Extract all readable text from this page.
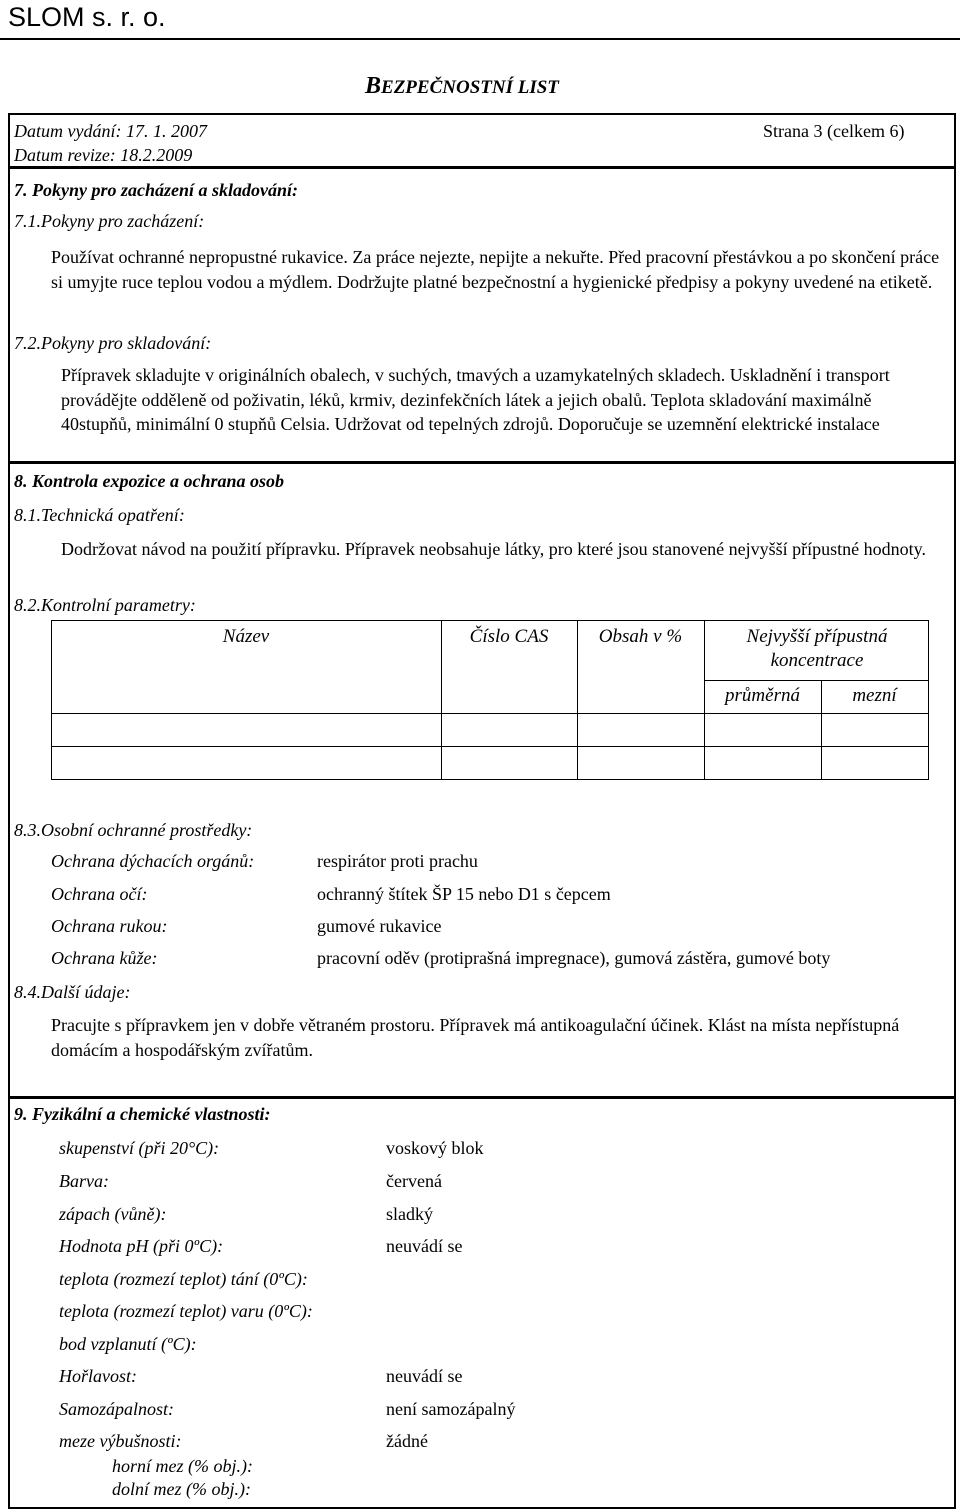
SLOM s. r. o.
BEZPEČNOSTNÍ LIST
Datum vydání: 17. 1. 2007
Datum revize: 18.2.2009
Strana 3 (celkem 6)
7. Pokyny pro zacházení a skladování:
7.1.Pokyny pro zacházení:
Používat ochranné nepropustné rukavice. Za práce nejezte, nepijte a nekuřte. Před pracovní přestávkou a po skončení práce si umyjte ruce teplou vodou a mýdlem. Dodržujte platné bezpečnostní a hygienické předpisy a pokyny uvedené na etiketě.
7.2.Pokyny pro skladování:
Přípravek skladujte v originálních obalech, v suchých, tmavých a uzamykatelných skladech. Uskladnění i transport provádějte odděleně od poživatin, léků, krmiv, dezinfekčních látek a jejich obalů. Teplota skladování maximálně 40stupňů, minimální 0 stupňů Celsia. Udržovat od tepelných zdrojů. Doporučuje se uzemnění elektrické instalace
8. Kontrola expozice a ochrana osob
8.1.Technická opatření:
Dodržovat návod na použití přípravku. Přípravek neobsahuje látky, pro které jsou stanovené nejvyšší přípustné hodnoty.
8.2.Kontrolní parametry:
Název	Číslo CAS	Obsah v %	Nejvyšší přípustná koncentrace
průměrná	mezní
8.3.Osobní ochranné prostředky:
Ochrana dýchacích orgánů:	respirátor proti prachu
Ochrana očí:	ochranný štítek ŠP 15 nebo D1 s čepcem
Ochrana rukou:	gumové rukavice
Ochrana kůže:	pracovní oděv (protiprašná impregnace), gumová zástěra, gumové boty
8.4.Další údaje:
Pracujte s přípravkem jen v dobře větraném prostoru. Přípravek má antikoagulační účinek. Klást na místa nepřístupná domácím a hospodářským zvířatům.
9. Fyzikální a chemické vlastnosti:
skupenství (při 20°C):	voskový blok
Barva:	červená
zápach (vůně):	sladký
Hodnota pH (při 0ºC):	neuvádí se
teplota (rozmezí teplot) tání (0ºC):
teplota (rozmezí teplot) varu (0ºC):
bod vzplanutí (ºC):
Hořlavost:	neuvádí se
Samozápalnost:	není samozápalný
meze výbušnosti:	žádné
horní mez (% obj.):
dolní mez (% obj.):
